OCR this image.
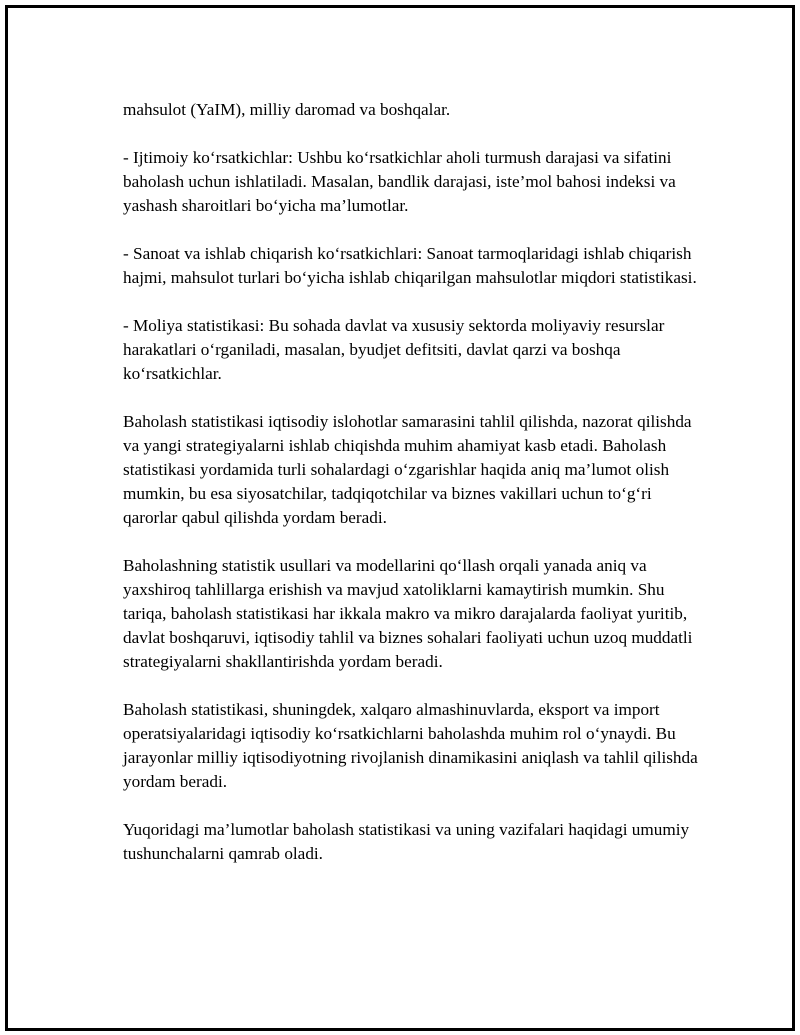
mahsulot (YaIM), milliy daromad va boshqalar.

- Ijtimoiy ko‘rsatkichlar: Ushbu ko‘rsatkichlar aholi turmush darajasi va sifatini baholash uchun ishlatiladi. Masalan, bandlik darajasi, iste’mol bahosi indeksi va yashash sharoitlari bo‘yicha ma’lumotlar.

- Sanoat va ishlab chiqarish ko‘rsatkichlari: Sanoat tarmoqlaridagi ishlab chiqarish hajmi, mahsulot turlari bo‘yicha ishlab chiqarilgan mahsulotlar miqdori statistikasi.

- Moliya statistikasi: Bu sohada davlat va xususiy sektorda moliyaviy resurslar harakatlari o‘rganiladi, masalan, byudjet defitsiti, davlat qarzi va boshqa ko‘rsatkichlar.

Baholash statistikasi iqtisodiy islohotlar samarasini tahlil qilishda, nazorat qilishda va yangi strategiyalarni ishlab chiqishda muhim ahamiyat kasb etadi. Baholash statistikasi yordamida turli sohalardagi o‘zgarishlar haqida aniq ma’lumot olish mumkin, bu esa siyosatchilar, tadqiqotchilar va biznes vakillari uchun to‘g‘ri qarorlar qabul qilishda yordam beradi.

Baholashning statistik usullari va modellarini qo‘llash orqali yanada aniq va yaxshiroq tahlillarga erishish va mavjud xatoliklarni kamaytirish mumkin. Shu tariqa, baholash statistikasi har ikkala makro va mikro darajalarda faoliyat yuritib, davlat boshqaruvi, iqtisodiy tahlil va biznes sohalari faoliyati uchun uzoq muddatli strategiyalarni shakllantirishda yordam beradi.

Baholash statistikasi, shuningdek, xalqaro almashinuvlarda, eksport va import operatsiyalaridagi iqtisodiy ko‘rsatkichlarni baholashda muhim rol o‘ynaydi. Bu jarayonlar milliy iqtisodiyotning rivojlanish dinamikasini aniqlash va tahlil qilishda yordam beradi.

Yuqoridagi ma’lumotlar baholash statistikasi va uning vazifalari haqidagi umumiy tushunchalarni qamrab oladi.
